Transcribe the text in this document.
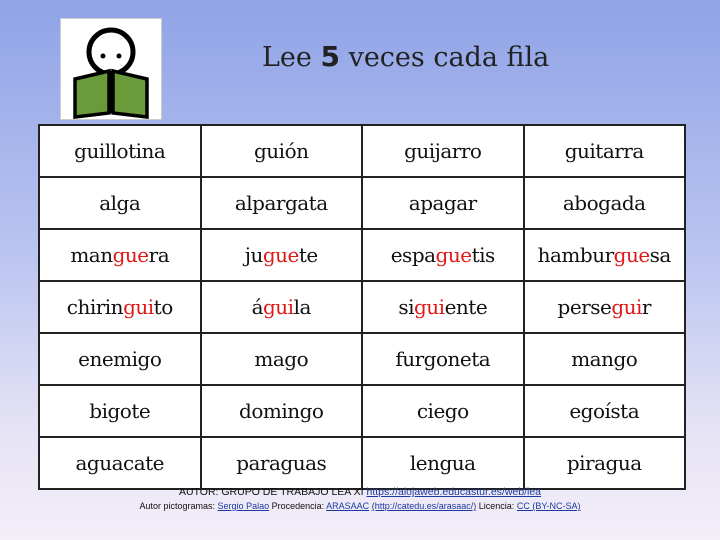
Lee 5 veces cada fila
guillotina	guión	guijarro	guitarra
alga	alpargata	apagar	abogada
manguera	juguete	espaguetis	hamburguesa
chiringuito	águila	siguiente	perseguir
enemigo	mago	furgoneta	mango
bigote	domingo	ciego	egoísta
aguacate	paraguas	lengua	piragua
AUTOR: GRUPO DE TRABAJO LEA XI https://alojaweb.educastur.es/web/lea
Autor pictogramas: Sergio Palao Procedencia: ARASAAC (http://catedu.es/arasaac/) Licencia: CC (BY-NC-SA)
